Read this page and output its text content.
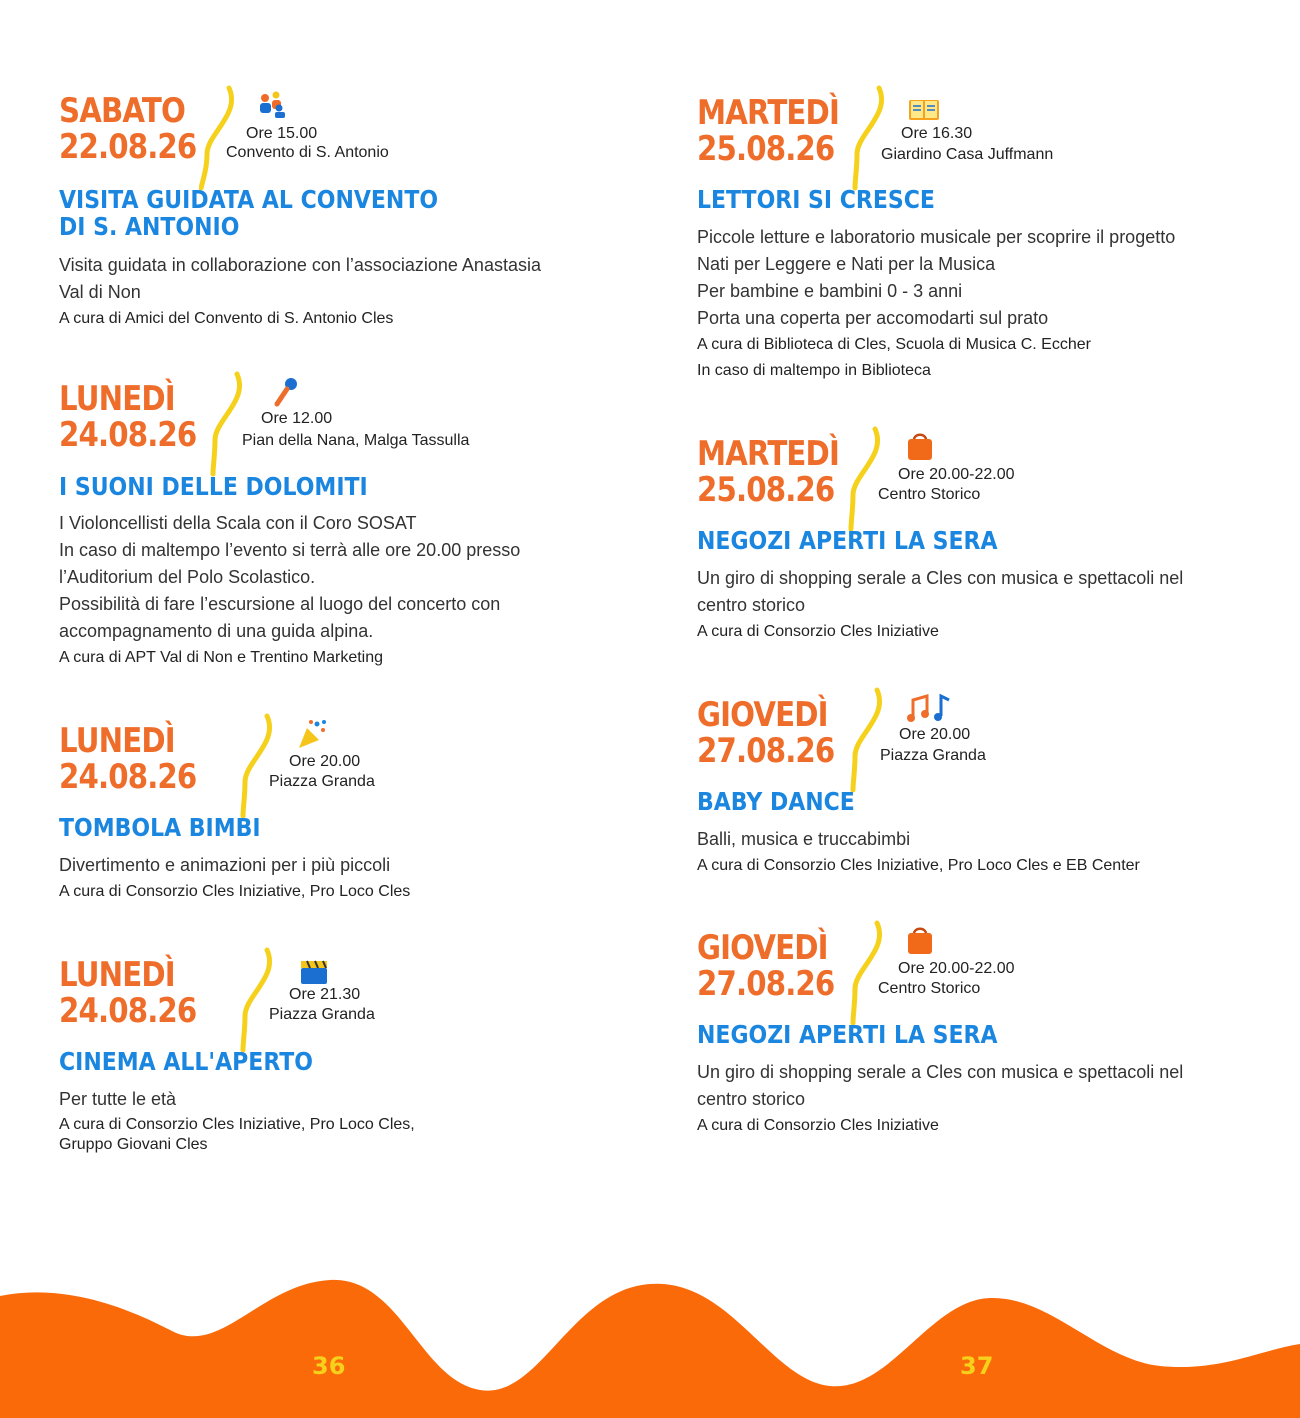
SABATO
22.08.26	Ore 15.00

Convento di S. Antonio

VISITA GUIDATA AL CONVENTO
DI S. ANTONIO

Visita guidata in collaborazione con l’associazione Anastasia

Val di Non

A cura di Amici del Convento di S. Antonio Cles

LUNEDÌ
24.08.26	Ore 12.00

Pian della Nana, Malga Tassulla

I SUONI DELLE DOLOMITI

I Violoncellisti della Scala con il Coro SOSAT

In caso di maltempo l’evento si terrà alle ore 20.00 presso

l’Auditorium del Polo Scolastico.

Possibilità di fare l’escursione al luogo del concerto con

accompagnamento di una guida alpina.

A cura di APT Val di Non e Trentino Marketing

LUNEDÌ
24.08.26	Ore 20.00

Piazza Granda

TOMBOLA BIMBI

Divertimento e animazioni per i più piccoli

A cura di Consorzio Cles Iniziative, Pro Loco Cles

LUNEDÌ
24.08.26	Ore 21.30

Piazza Granda

CINEMA ALL'APERTO

Per tutte le età

A cura di Consorzio Cles Iniziative, Pro Loco Cles,

Gruppo Giovani Cles

MARTEDÌ
25.08.26	Ore 16.30

Giardino Casa Juffmann

LETTORI SI CRESCE

Piccole letture e laboratorio musicale per scoprire il progetto

Nati per Leggere e Nati per la Musica

Per bambine e bambini 0 - 3 anni

Porta una coperta per accomodarti sul prato

A cura di Biblioteca di Cles, Scuola di Musica C. Eccher

In caso di maltempo in Biblioteca

MARTEDÌ
25.08.26	Ore 20.00-22.00

Centro Storico

NEGOZI APERTI LA SERA

Un giro di shopping serale a Cles con musica e spettacoli nel

centro storico

A cura di Consorzio Cles Iniziative

GIOVEDÌ
27.08.26	Ore 20.00

Piazza Granda

BABY DANCE

Balli, musica e truccabimbi

A cura di Consorzio Cles Iniziative, Pro Loco Cles e EB Center

GIOVEDÌ
27.08.26	Ore 20.00-22.00

Centro Storico

NEGOZI APERTI LA SERA

Un giro di shopping serale a Cles con musica e spettacoli nel

centro storico

A cura di Consorzio Cles Iniziative

36	37
